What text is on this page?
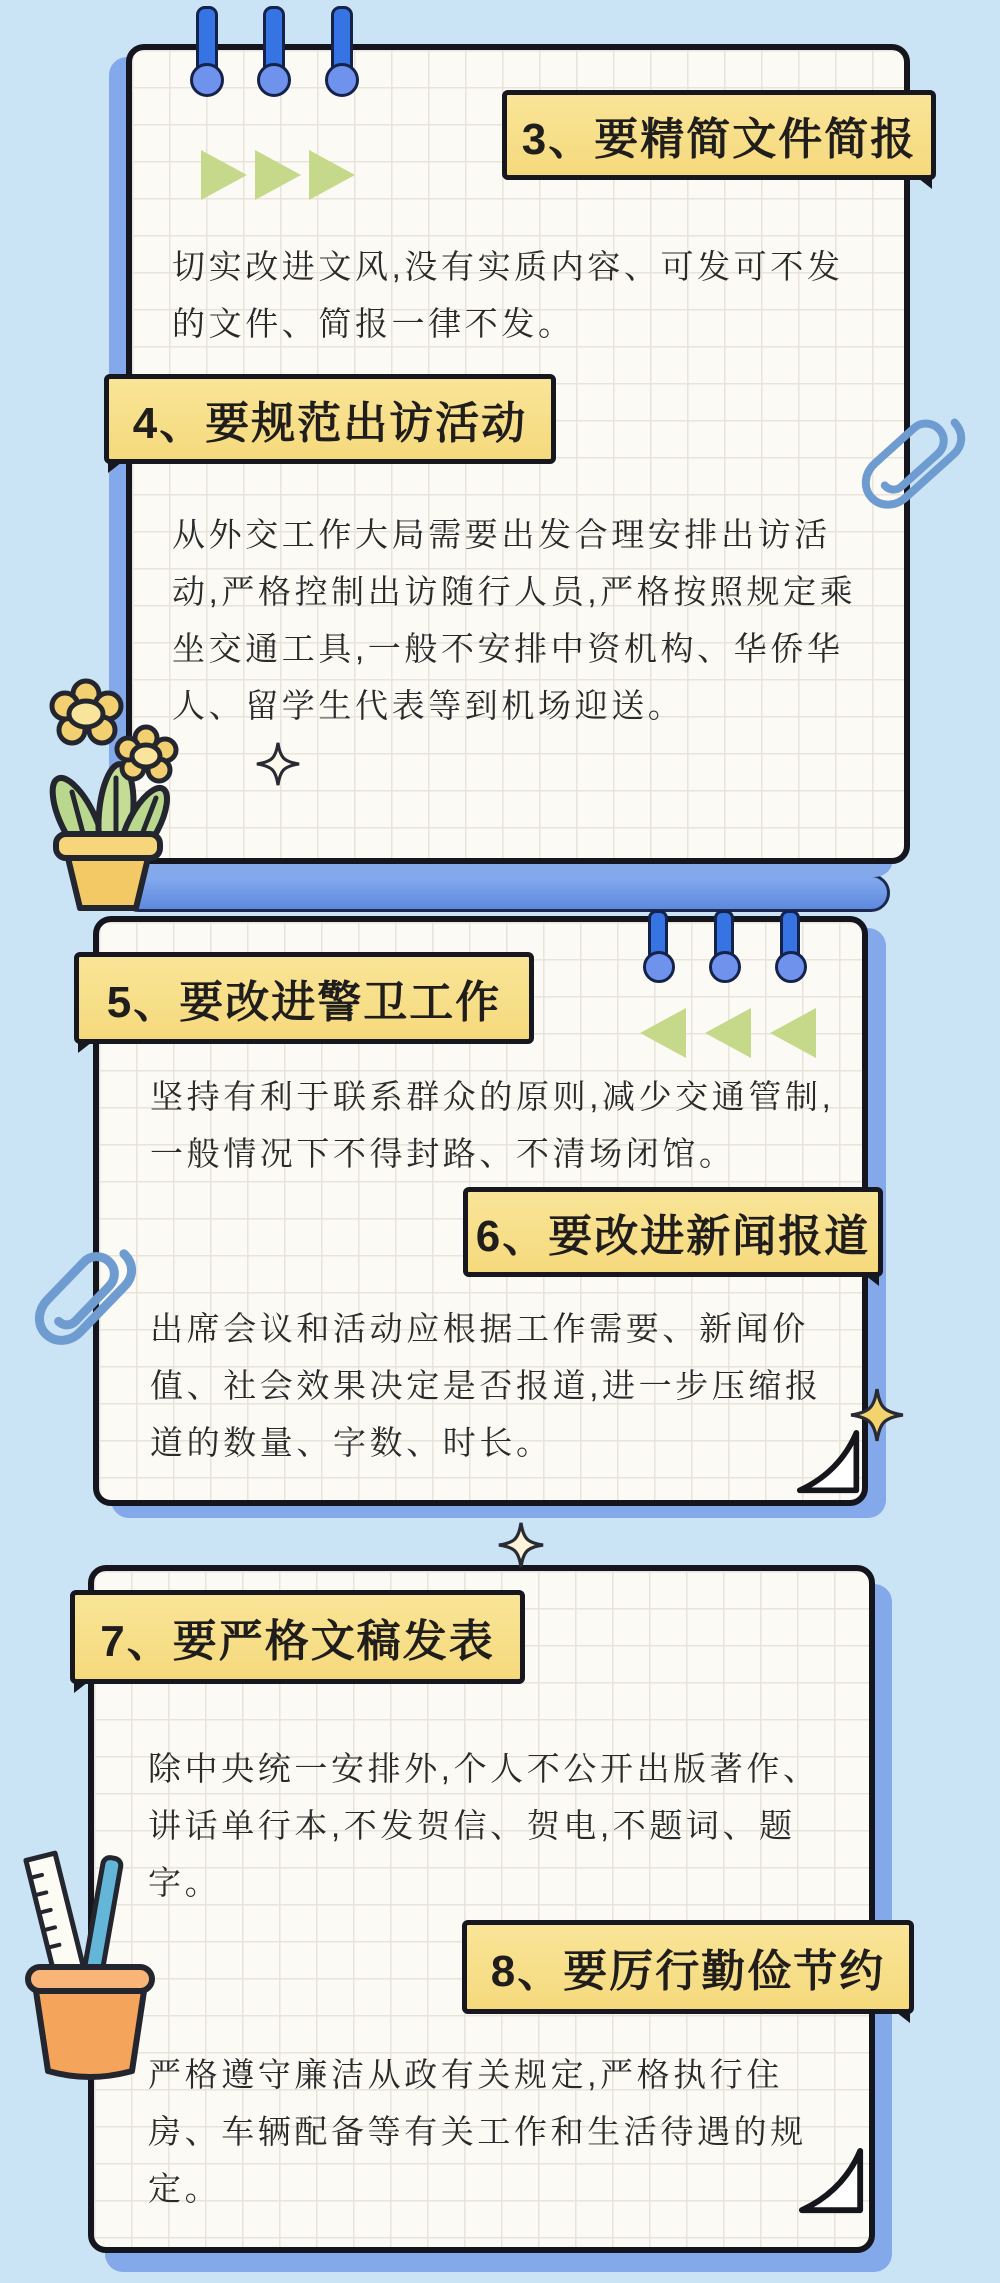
3、要精简文件简报
切实改进文风,没有实质内容、可发可不发的文件、简报一律不发。
4、要规范出访活动
从外交工作大局需要出发合理安排出访活动,严格控制出访随行人员,严格按照规定乘坐交通工具,一般不安排中资机构、华侨华人、留学生代表等到机场迎送。
5、要改进警卫工作
坚持有利于联系群众的原则,减少交通管制,一般情况下不得封路、不清场闭馆。
6、要改进新闻报道
出席会议和活动应根据工作需要、新闻价值、社会效果决定是否报道,进一步压缩报道的数量、字数、时长。
7、要严格文稿发表
除中央统一安排外,个人不公开出版著作、讲话单行本,不发贺信、贺电,不题词、题字。
8、要厉行勤俭节约
严格遵守廉洁从政有关规定,严格执行住房、车辆配备等有关工作和生活待遇的规定。
